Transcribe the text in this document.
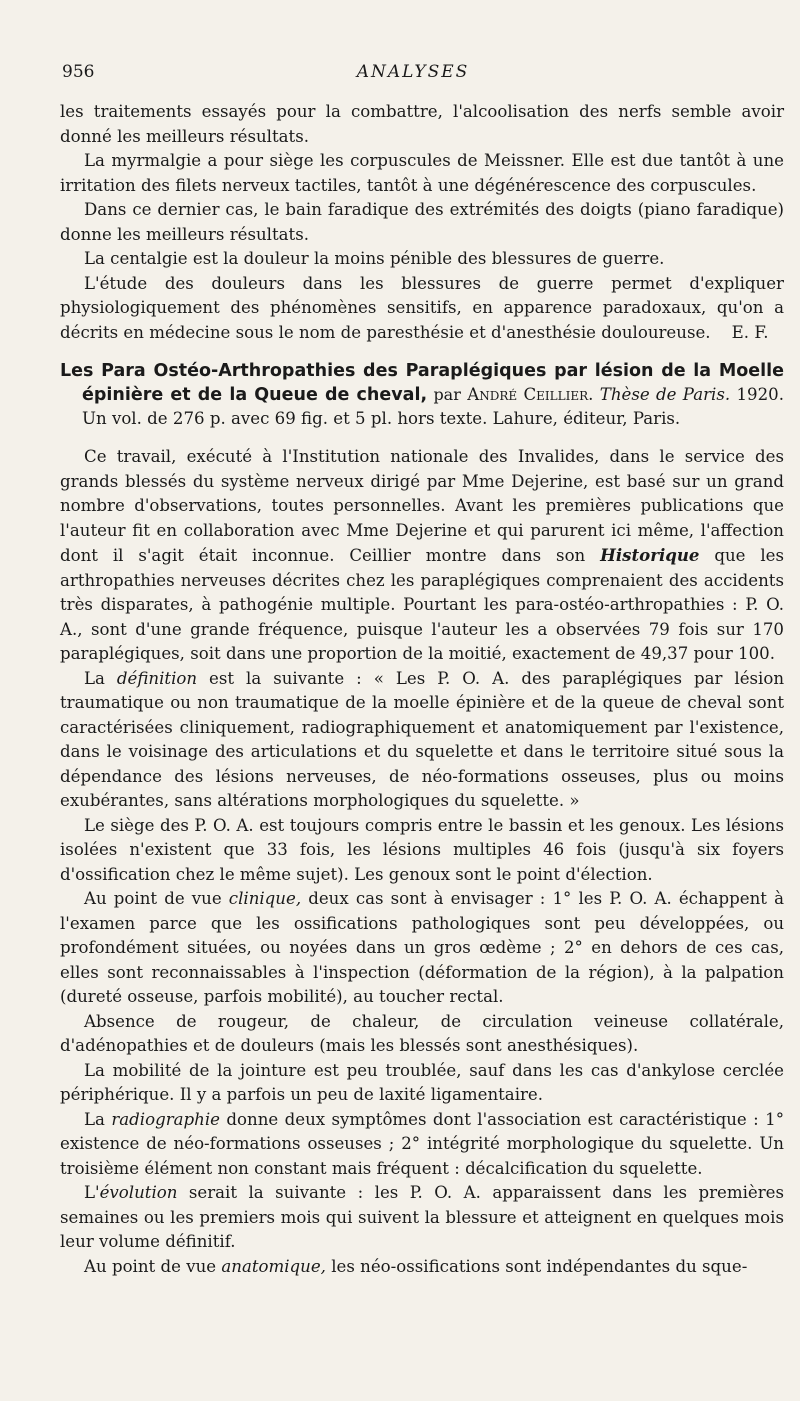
956	ANALYSES

les traitements essayés pour la combattre, l'alcoolisation des nerfs semble avoir donné les meilleurs résultats.

La myrmalgie a pour siège les corpuscules de Meissner. Elle est due tantôt à une irritation des filets nerveux tactiles, tantôt à une dégénérescence des corpuscules.

Dans ce dernier cas, le bain faradique des extrémités des doigts (piano faradique) donne les meilleurs résultats.

La centalgie est la douleur la moins pénible des blessures de guerre.

L'étude des douleurs dans les blessures de guerre permet d'expliquer physiologiquement des phénomènes sensitifs, en apparence paradoxaux, qu'on a décrits en médecine sous le nom de paresthésie et d'anesthésie douloureuse. E. F.

Les Para Ostéo-Arthropathies des Paraplégiques par lésion de la Moelle épinière et de la Queue de cheval, par André Ceillier. Thèse de Paris. 1920. Un vol. de 276 p. avec 69 fig. et 5 pl. hors texte. Lahure, éditeur, Paris.

Ce travail, exécuté à l'Institution nationale des Invalides, dans le service des grands blessés du système nerveux dirigé par Mme Dejerine, est basé sur un grand nombre d'observations, toutes personnelles. Avant les premières publications que l'auteur fit en collaboration avec Mme Dejerine et qui parurent ici même, l'affection dont il s'agit était inconnue. Ceillier montre dans son Historique que les arthropathies nerveuses décrites chez les paraplégiques comprenaient des accidents très disparates, à pathogénie multiple. Pourtant les para-ostéo-arthropathies : P. O. A., sont d'une grande fréquence, puisque l'auteur les a observées 79 fois sur 170 paraplégiques, soit dans une proportion de la moitié, exactement de 49,37 pour 100.

La définition est la suivante : « Les P. O. A. des paraplégiques par lésion traumatique ou non traumatique de la moelle épinière et de la queue de cheval sont caractérisées cliniquement, radiographiquement et anatomiquement par l'existence, dans le voisinage des articulations et du squelette et dans le territoire situé sous la dépendance des lésions nerveuses, de néo-formations osseuses, plus ou moins exubérantes, sans altérations morphologiques du squelette. »

Le siège des P. O. A. est toujours compris entre le bassin et les genoux. Les lésions isolées n'existent que 33 fois, les lésions multiples 46 fois (jusqu'à six foyers d'ossification chez le même sujet). Les genoux sont le point d'élection.

Au point de vue clinique, deux cas sont à envisager : 1° les P. O. A. échappent à l'examen parce que les ossifications pathologiques sont peu développées, ou profondément situées, ou noyées dans un gros œdème ; 2° en dehors de ces cas, elles sont reconnaissables à l'inspection (déformation de la région), à la palpation (dureté osseuse, parfois mobilité), au toucher rectal.

Absence de rougeur, de chaleur, de circulation veineuse collatérale, d'adénopathies et de douleurs (mais les blessés sont anesthésiques).

La mobilité de la jointure est peu troublée, sauf dans les cas d'ankylose cerclée périphérique. Il y a parfois un peu de laxité ligamentaire.

La radiographie donne deux symptômes dont l'association est caractéristique : 1° existence de néo-formations osseuses ; 2° intégrité morphologique du squelette. Un troisième élément non constant mais fréquent : décalcification du squelette.

L'évolution serait la suivante : les P. O. A. apparaissent dans les premières semaines ou les premiers mois qui suivent la blessure et atteignent en quelques mois leur volume définitif.

Au point de vue anatomique, les néo-ossifications sont indépendantes du sque-
